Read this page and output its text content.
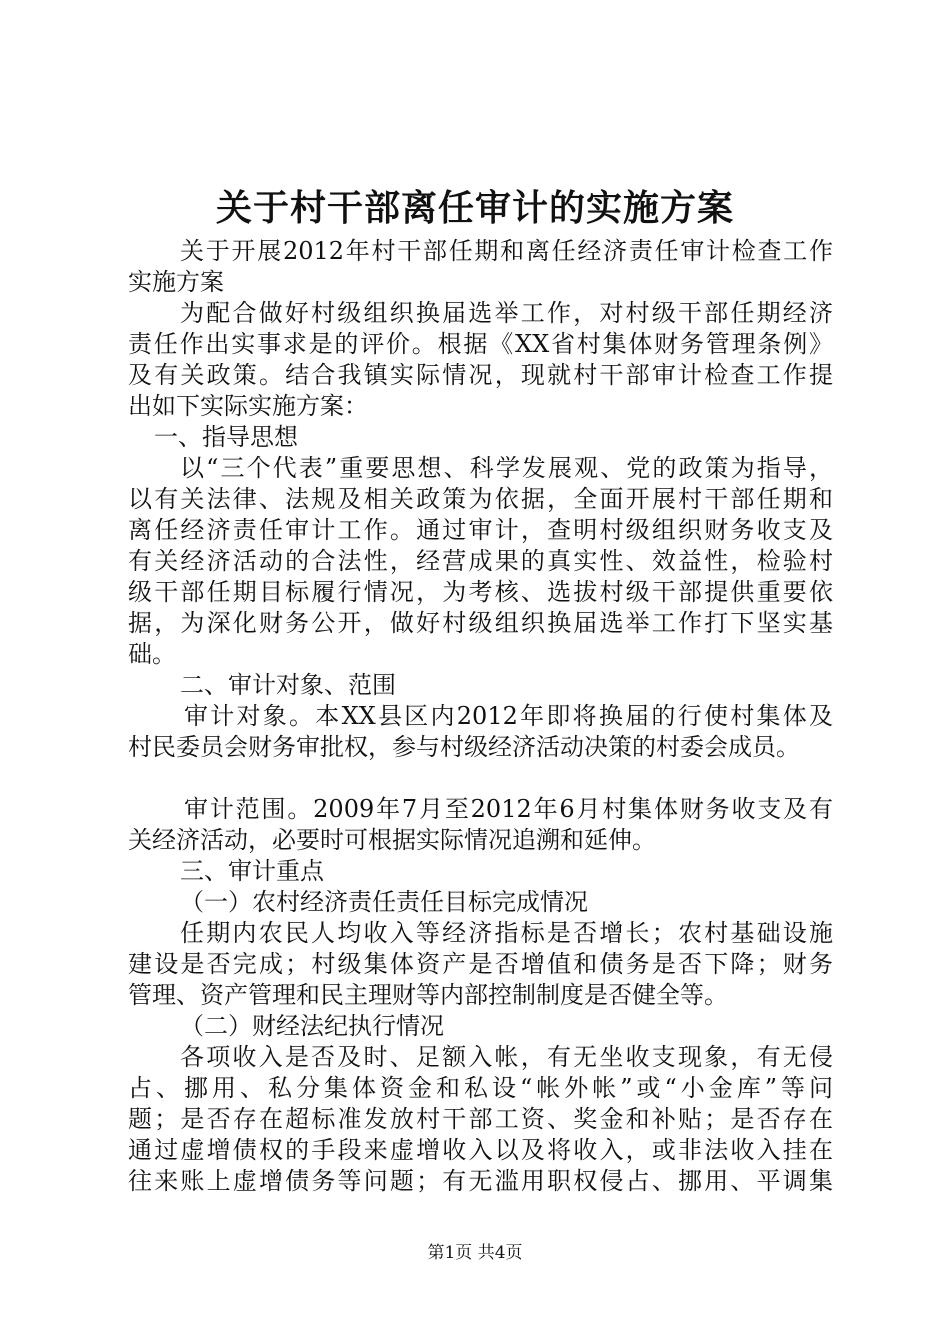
关于村干部离任审计的实施方案
关于开展2012年村干部任期和离任经济责任审计检查工作
实施方案
为配合做好村级组织换届选举工作，对村级干部任期经济
责任作出实事求是的评价。根据《XX省村集体财务管理条例》
及有关政策。结合我镇实际情况，现就村干部审计检查工作提
出如下实际实施方案：
一、指导思想
以“三个代表”重要思想、科学发展观、党的政策为指导，
以有关法律、法规及相关政策为依据，全面开展村干部任期和
离任经济责任审计工作。通过审计，查明村级组织财务收支及
有关经济活动的合法性，经营成果的真实性、效益性，检验村
级干部任期目标履行情况，为考核、选拔村级干部提供重要依
据，为深化财务公开，做好村级组织换届选举工作打下坚实基
础。
二、审计对象、范围
审计对象。本XX县区内2012年即将换届的行使村集体及
村民委员会财务审批权，参与村级经济活动决策的村委会成员。
审计范围。2009年7月至2012年6月村集体财务收支及有
关经济活动，必要时可根据实际情况追溯和延伸。
三、审计重点
（一）农村经济责任责任目标完成情况
任期内农民人均收入等经济指标是否增长；农村基础设施
建设是否完成；村级集体资产是否增值和债务是否下降；财务
管理、资产管理和民主理财等内部控制制度是否健全等。
（二）财经法纪执行情况
各项收入是否及时、足额入帐，有无坐收支现象，有无侵
占、挪用、私分集体资金和私设“帐外帐”或“小金库”等问
题；是否存在超标准发放村干部工资、奖金和补贴；是否存在
通过虚增债权的手段来虚增收入以及将收入，或非法收入挂在
往来账上虚增债务等问题；有无滥用职权侵占、挪用、平调集
第1页 共4页
